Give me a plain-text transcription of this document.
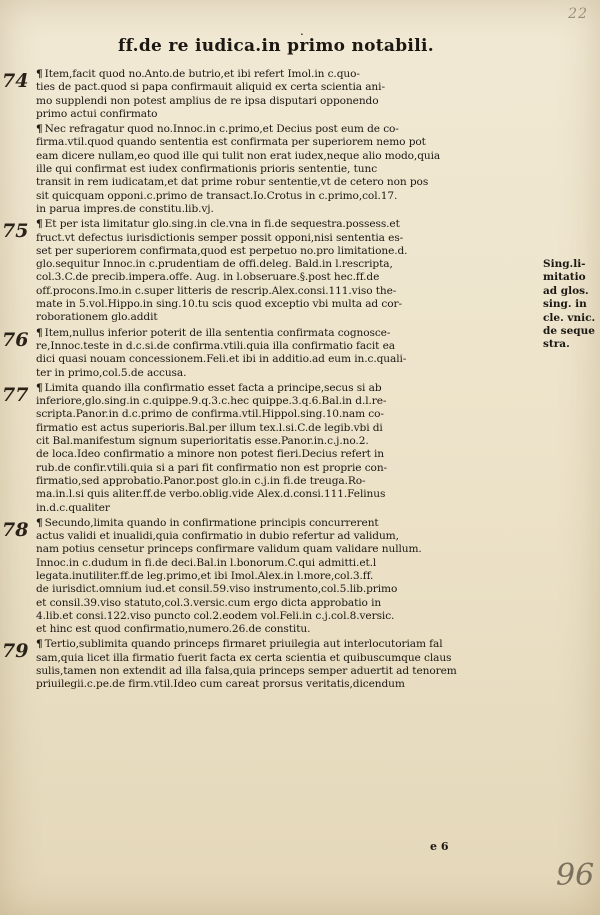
22
.
ff.de re iudica.in primo notabili.
74 ¶ Item,facit quod no.Anto.de butrio,et ibi refert Imol.in c.quo-
ties de pact.quod si papa confirmauit aliquid ex certa scientia ani-
mo supplendi non potest amplius de re ipsa disputari opponendo
primo actui confirmato
¶ Nec refragatur quod no.Innoc.in c.primo,et Decius post eum de co-
firma.vtil.quod quando sententia est confirmata per superiorem nemo pot
eam dicere nullam,eo quod ille qui tulit non erat iudex,neque alio modo,quia
ille qui confirmat est iudex confirmationis prioris sententie, tunc
transit in rem iudicatam,et dat prime robur sententie,vt de cetero non pos
sit quicquam opponi.c.primo de transact.Io.Crotus in c.primo,col.17.
in parua impres.de constitu.lib.vj.
75 ¶ Et per ista limitatur glo.sing.in cle.vna in fi.de sequestra.possess.et
fruct.vt defectus iurisdictionis semper possit opponi,nisi sententia es-
set per superiorem confirmata,quod est perpetuo no.pro limitatione.d.
glo.sequitur Innoc.in c.prudentiam de offi.deleg. Bald.in l.rescripta,
col.3.C.de precib.impera.offe. Aug. in l.obseruare.§.post hec.ff.de
off.procons.Imo.in c.super litteris de rescrip.Alex.consi.111.viso the-
mate in 5.vol.Hippo.in sing.10.tu scis quod exceptio vbi multa ad cor-
roborationem glo.addit
76 ¶ Item,nullus inferior poterit de illa sententia confirmata cognosce-
re,Innoc.teste in d.c.si.de confirma.vtili.quia illa confirmatio facit ea
dici quasi nouam concessionem.Feli.et ibi in additio.ad eum in.c.quali-
ter in primo,col.5.de accusa.
77 ¶ Limita quando illa confirmatio esset facta a principe,secus si ab
inferiore,glo.sing.in c.quippe.9.q.3.c.hec quippe.3.q.6.Bal.in d.l.re-
scripta.Panor.in d.c.primo de confirma.vtil.Hippol.sing.10.nam co-
firmatio est actus superioris.Bal.per illum tex.l.si.C.de legib.vbi di
cit Bal.manifestum signum superioritatis esse.Panor.in.c.j.no.2.
de loca.Ideo confirmatio a minore non potest fieri.Decius refert in
rub.de confir.vtili.quia si a pari fit confirmatio non est proprie con-
firmatio,sed approbatio.Panor.post glo.in c.j.in fi.de treuga.Ro-
ma.in.l.si quis aliter.ff.de verbo.oblig.vide Alex.d.consi.111.Felinus
in.d.c.qualiter
78 ¶ Secundo,limita quando in confirmatione principis concurrerent
actus validi et inualidi,quia confirmatio in dubio refertur ad validum,
nam potius censetur princeps confirmare validum quam validare nullum.
Innoc.in c.dudum in fi.de deci.Bal.in l.bonorum.C.qui admitti.et.l
legata.inutiliter.ff.de leg.primo,et ibi Imol.Alex.in l.more,col.3.ff.
de iurisdict.omnium iud.et consil.59.viso instrumento,col.5.lib.primo
et consil.39.viso statuto,col.3.versic.cum ergo dicta approbatio in
4.lib.et consi.122.viso puncto col.2.eodem vol.Feli.in c.j.col.8.versic.
et hinc est quod confirmatio,numero.26.de constitu.
79 ¶ Tertio,sublimita quando princeps firmaret priuilegia aut interlocutoriam fal
sam,quia licet illa firmatio fuerit facta ex certa scientia et quibuscumque claus
sulis,tamen non extendit ad illa falsa,quia princeps semper aduertit ad tenorem
priuilegii.c.pe.de firm.vtil.Ideo cum careat prorsus veritatis,dicendum
Sing.li-
mitatio
ad glos.
sing. in
cle. vnic.
de seque
stra.
e 6
96
